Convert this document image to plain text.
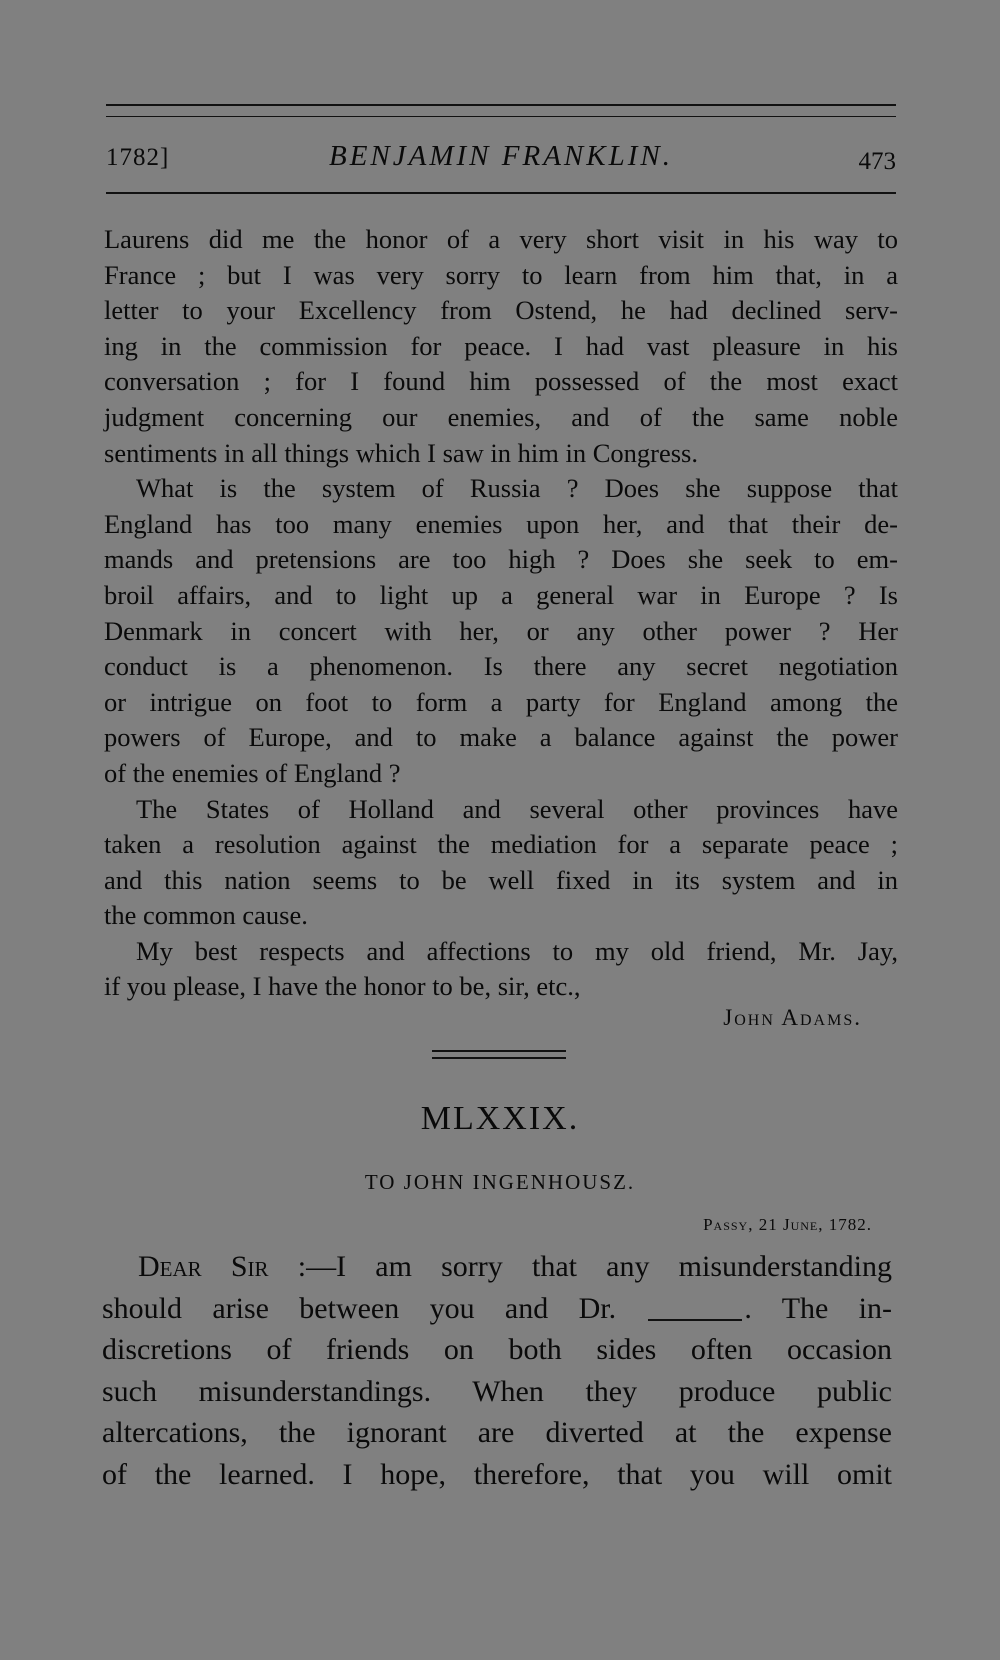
1782]	BENJAMIN FRANKLIN.	473
Laurens did me the honor of a very short visit in his way to
France ; but I was very sorry to learn from him that, in a
letter to your Excellency from Ostend, he had declined serv-
ing in the commission for peace. I had vast pleasure in his
conversation ; for I found him possessed of the most exact
judgment concerning our enemies, and of the same noble
sentiments in all things which I saw in him in Congress.
What is the system of Russia ? Does she suppose that
England has too many enemies upon her, and that their de-
mands and pretensions are too high ? Does she seek to em-
broil affairs, and to light up a general war in Europe ? Is
Denmark in concert with her, or any other power ? Her
conduct is a phenomenon. Is there any secret negotiation
or intrigue on foot to form a party for England among the
powers of Europe, and to make a balance against the power
of the enemies of England ?
The States of Holland and several other provinces have
taken a resolution against the mediation for a separate peace ;
and this nation seems to be well fixed in its system and in
the common cause.
My best respects and affections to my old friend, Mr. Jay,
if you please, I have the honor to be, sir, etc.,
John Adams.
MLXXIX.
TO JOHN INGENHOUSZ.
Passy, 21 June, 1782.
Dear Sir :—I am sorry that any misunderstanding
should arise between you and Dr.	. The in-
discretions of friends on both sides often occasion
such misunderstandings. When they produce public
altercations, the ignorant are diverted at the expense
of the learned. I hope, therefore, that you will omit
